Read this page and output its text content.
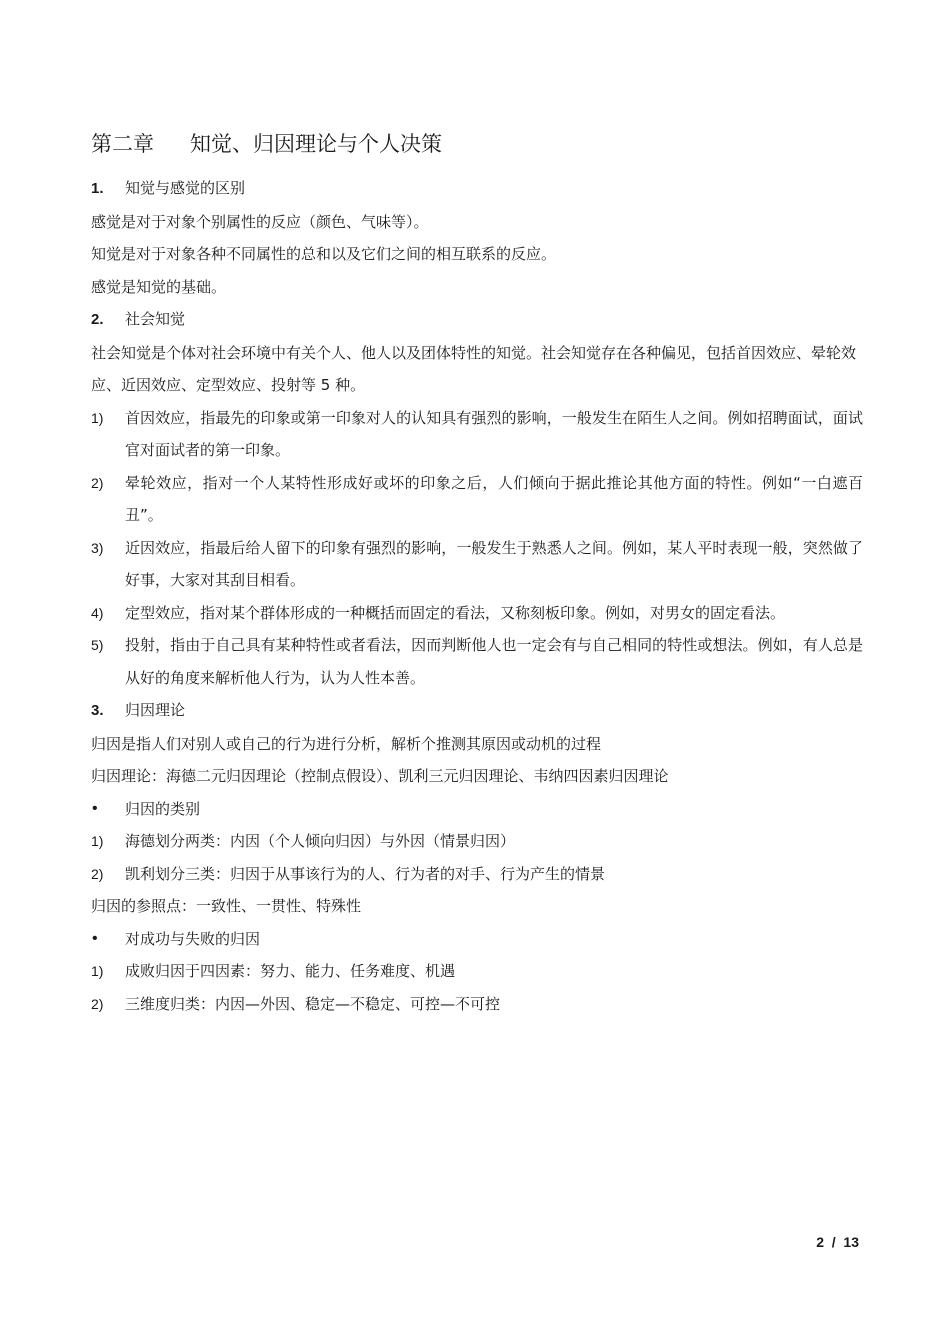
第二章 知觉、归因理论与个人决策

1. 知觉与感觉的区别

感觉是对于对象个别属性的反应（颜色、气味等）。

知觉是对于对象各种不同属性的总和以及它们之间的相互联系的反应。

感觉是知觉的基础。

2. 社会知觉

社会知觉是个体对社会环境中有关个人、他人以及团体特性的知觉。社会知觉存在各种偏见，包括首因效应、晕轮效应、近因效应、定型效应、投射等 5 种。

1) 首因效应，指最先的印象或第一印象对人的认知具有强烈的影响，一般发生在陌生人之间。例如招聘面试，面试官对面试者的第一印象。

2) 晕轮效应，指对一个人某特性形成好或坏的印象之后，人们倾向于据此推论其他方面的特性。例如“一白遮百丑”。

3) 近因效应，指最后给人留下的印象有强烈的影响，一般发生于熟悉人之间。例如，某人平时表现一般，突然做了好事，大家对其刮目相看。

4) 定型效应，指对某个群体形成的一种概括而固定的看法，又称刻板印象。例如，对男女的固定看法。

5) 投射，指由于自己具有某种特性或者看法，因而判断他人也一定会有与自己相同的特性或想法。例如，有人总是从好的角度来解析他人行为，认为人性本善。

3. 归因理论

归因是指人们对别人或自己的行为进行分析，解析个推测其原因或动机的过程

归因理论：海德二元归因理论（控制点假设）、凯利三元归因理论、韦纳四因素归因理论

• 归因的类别

1) 海德划分两类：内因（个人倾向归因）与外因（情景归因）

2) 凯利划分三类：归因于从事该行为的人、行为者的对手、行为产生的情景

归因的参照点：一致性、一贯性、特殊性

• 对成功与失败的归因

1) 成败归因于四因素：努力、能力、任务难度、机遇

2) 三维度归类：内因—外因、稳定—不稳定、可控—不可控

2  /  13
